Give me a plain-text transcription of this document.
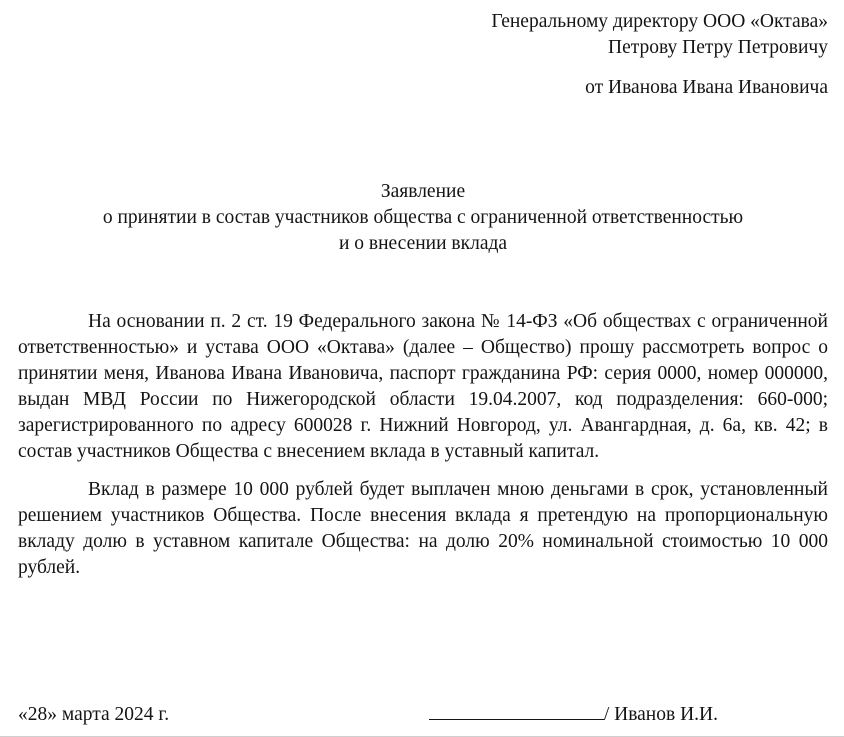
Генеральному директору ООО «Октава»
Петрову Петру Петровичу
от Иванова Ивана Ивановича
Заявление
о принятии в состав участников общества с ограниченной ответственностью
и о внесении вклада

На основании п. 2 ст. 19 Федерального закона № 14-ФЗ «Об обществах с ограниченной ответственностью» и устава ООО «Октава» (далее – Общество) прошу рассмотреть вопрос о принятии меня, Иванова Ивана Ивановича, паспорт гражданина РФ: серия 0000, номер 000000, выдан МВД России по Нижегородской области 19.04.2007, код подразделения: 660-000; зарегистрированного по адресу 600028 г. Нижний Новгород, ул. Авангардная, д. 6а, кв. 42; в состав участников Общества с внесением вклада в уставный капитал.

Вклад в размере 10 000 рублей будет выплачен мною деньгами в срок, установленный решением участников Общества. После внесения вклада я претендую на пропорциональную вкладу долю в уставном капитале Общества: на долю 20% номинальной стоимостью 10 000 рублей.

«28» марта 2024 г.	/ Иванов И.И.
